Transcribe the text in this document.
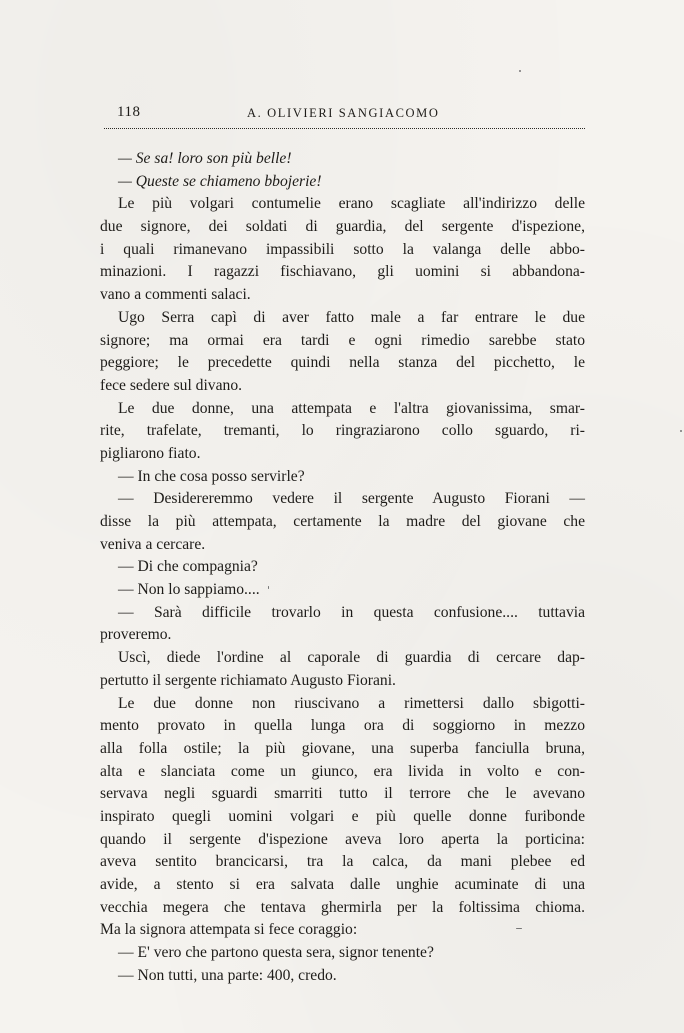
118	A. OLIVIERI SANGIACOMO
— Se sa! loro son più belle!
— Queste se chiameno bbojerie!
Le più volgari contumelie erano scagliate all'indirizzo delle
due signore, dei soldati di guardia, del sergente d'ispezione,
i quali rimanevano impassibili sotto la valanga delle abbo-
minazioni. I ragazzi fischiavano, gli uomini si abbandona-
vano a commenti salaci.
Ugo Serra capì di aver fatto male a far entrare le due
signore; ma ormai era tardi e ogni rimedio sarebbe stato
peggiore; le precedette quindi nella stanza del picchetto, le
fece sedere sul divano.
Le due donne, una attempata e l'altra giovanissima, smar-
rite, trafelate, tremanti, lo ringraziarono collo sguardo, ri-
pigliarono fiato.
— In che cosa posso servirle?
— Desidereremmo vedere il sergente Augusto Fiorani —
disse la più attempata, certamente la madre del giovane che
veniva a cercare.
— Di che compagnia?
— Non lo sappiamo....
— Sarà difficile trovarlo in questa confusione.... tuttavia
proveremo.
Uscì, diede l'ordine al caporale di guardia di cercare dap-
pertutto il sergente richiamato Augusto Fiorani.
Le due donne non riuscivano a rimettersi dallo sbigotti-
mento provato in quella lunga ora di soggiorno in mezzo
alla folla ostile; la più giovane, una superba fanciulla bruna,
alta e slanciata come un giunco, era livida in volto e con-
servava negli sguardi smarriti tutto il terrore che le avevano
inspirato quegli uomini volgari e più quelle donne furibonde
quando il sergente d'ispezione aveva loro aperta la porticina:
aveva sentito brancicarsi, tra la calca, da mani plebee ed
avide, a stento si era salvata dalle unghie acuminate di una
vecchia megera che tentava ghermirla per la foltissima chioma.
Ma la signora attempata si fece coraggio:
— E' vero che partono questa sera, signor tenente?
— Non tutti, una parte: 400, credo.
